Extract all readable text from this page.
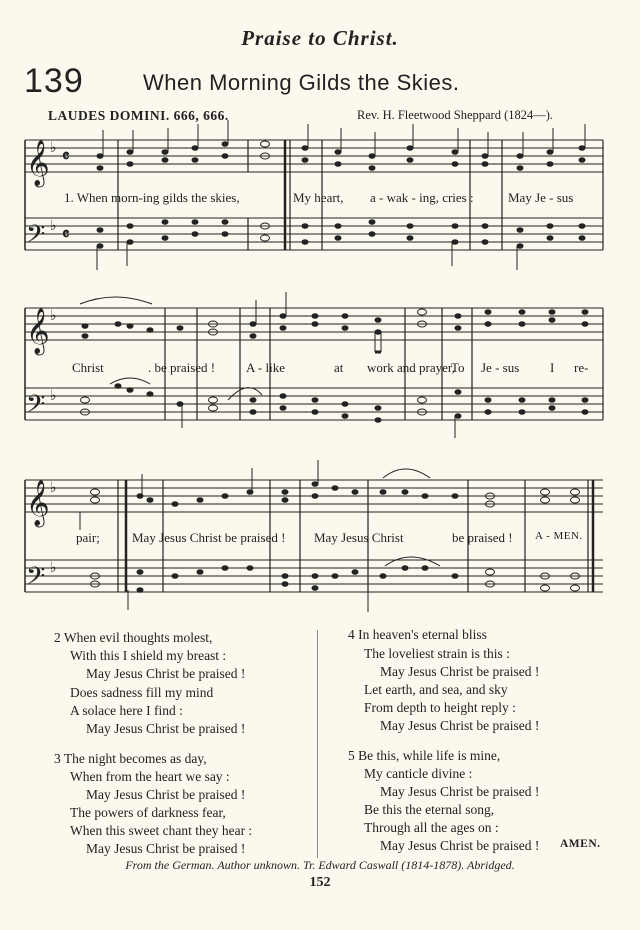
Praise to Christ.
139	When Morning Gilds the Skies.
LAUDES DOMINI. 666, 666.	Rev. H. Fleetwood Sheppard (1824—).
𝄞
𝄢
♭
♭
𝄴
𝄴
𝄞
𝄢
♭
♭
𝄞
𝄢
♭
♭
1. When morn-ing gilds the skies,	My heart, a - wak - ing, cries :	May Je - sus
Christ	. be praised ! A - like	at work and prayer,
To Je - sus I re-
pair; May Jesus Christ be praised ! May Jesus Christ	be praised ! A - MEN.
2 When evil thoughts molest,
With this I shield my breast :
May Jesus Christ be praised !
Does sadness fill my mind
A solace here I find :
May Jesus Christ be praised !
3 The night becomes as day,
When from the heart we say :
May Jesus Christ be praised !
The powers of darkness fear,
When this sweet chant they hear :
May Jesus Christ be praised !
4 In heaven's eternal bliss
The loveliest strain is this :
May Jesus Christ be praised !
Let earth, and sea, and sky
From depth to height reply :
May Jesus Christ be praised !
5 Be this, while life is mine,
My canticle divine :
May Jesus Christ be praised !
Be this the eternal song,
Through all the ages on :
May Jesus Christ be praised ! AMEN.
From the German. Author unknown. Tr. Edward Caswall (1814-1878). Abridged.
152
